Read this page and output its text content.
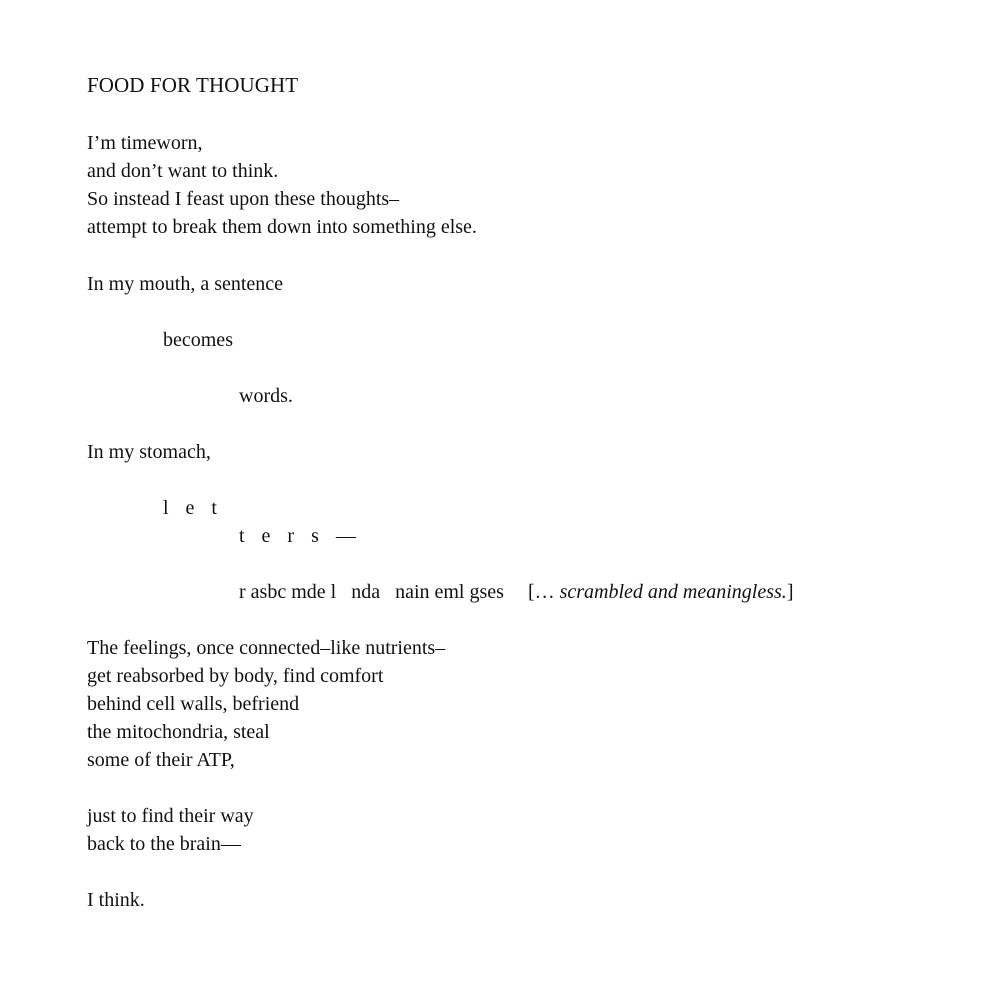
FOOD FOR THOUGHT

I’m timeworn,

and don’t want to think.

So instead I feast upon these thoughts–

attempt to break them down into something else.

In my mouth, a sentence

becomes

words.

In my stomach,

l e t

t e r s —

r asbc mde l   nda   nain eml gses [… scrambled and meaningless.]

The feelings, once connected–like nutrients–

get reabsorbed by body, find comfort

behind cell walls, befriend

the mitochondria, steal

some of their ATP,

just to find their way

back to the brain—

I think.
